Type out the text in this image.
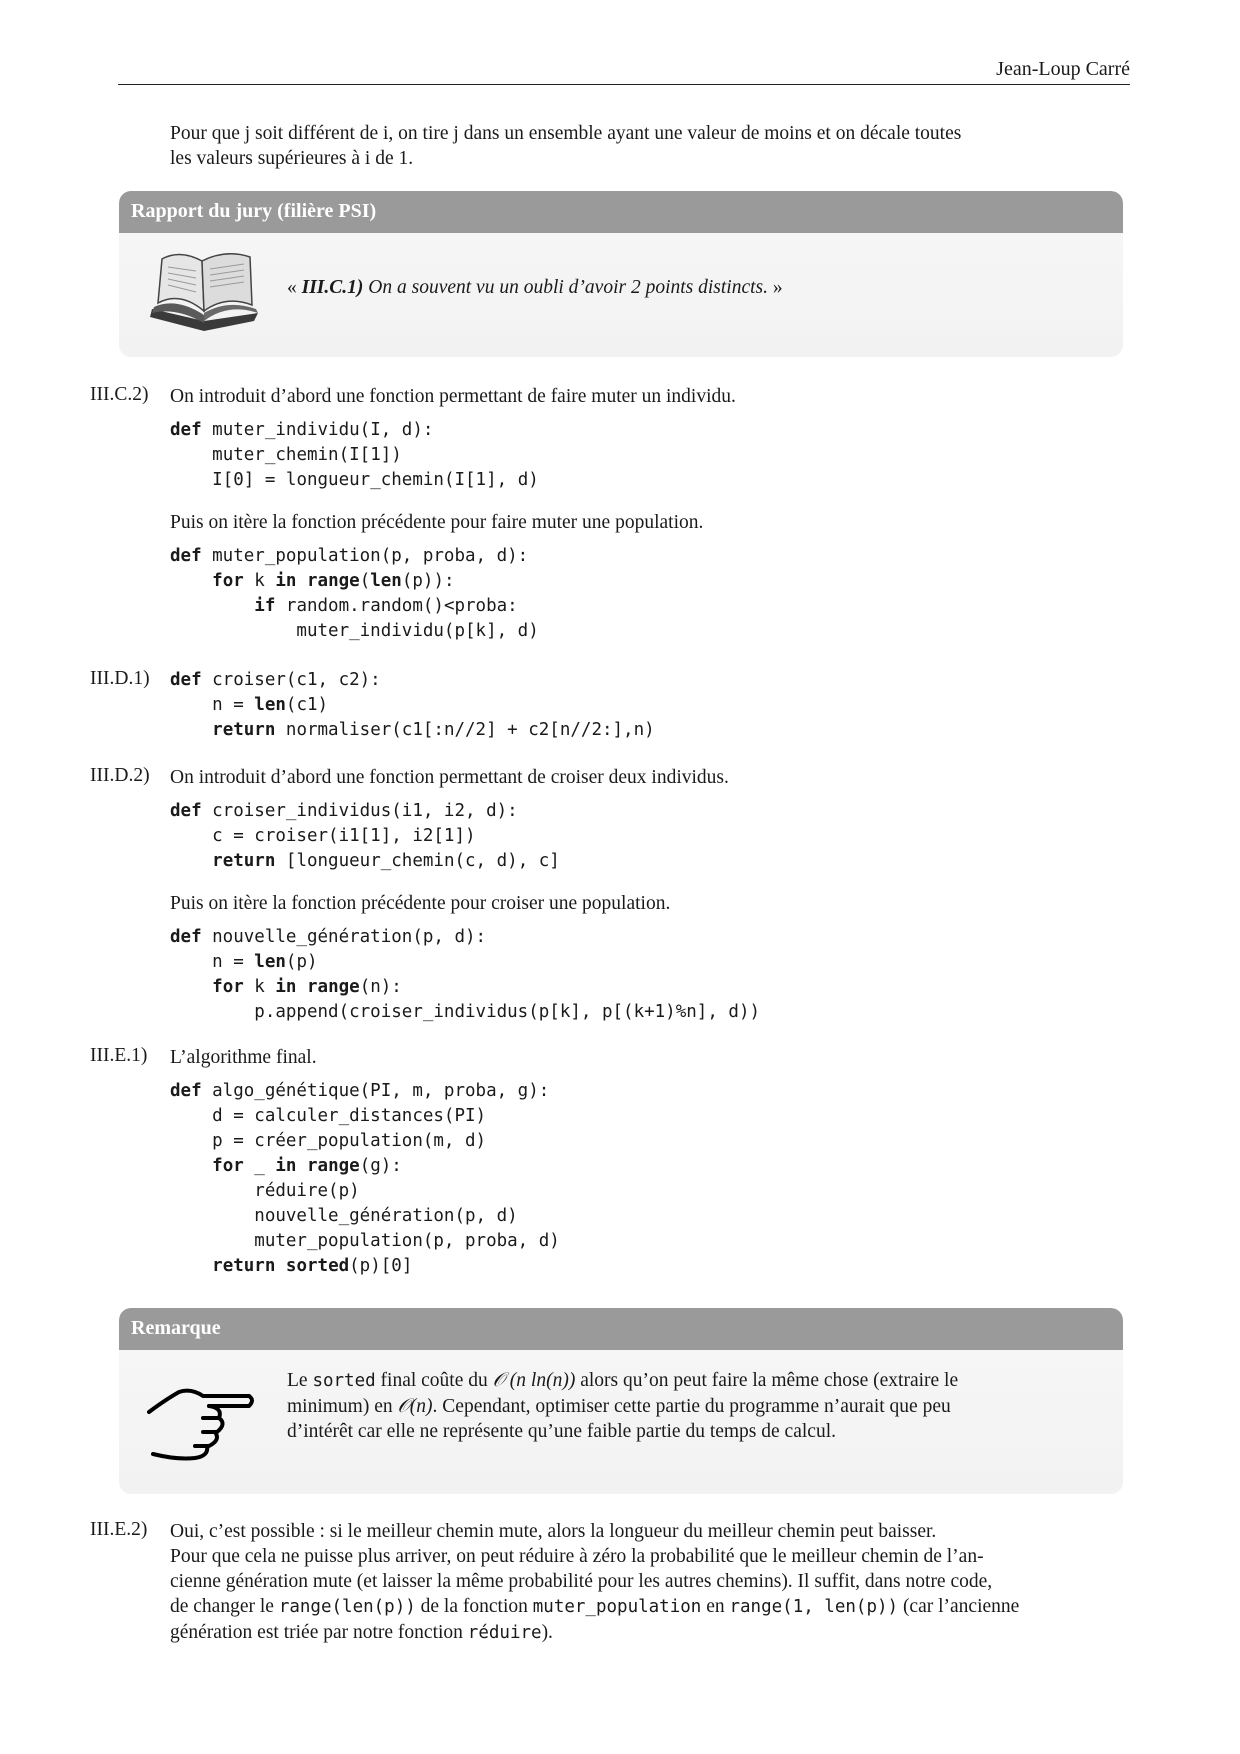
Jean-Loup Carré
Pour que j soit différent de i, on tire j dans un ensemble ayant une valeur de moins et on décale toutes
les valeurs supérieures à i de 1.
Rapport du jury (filière PSI)
« III.C.1) On a souvent vu un oubli d’avoir 2 points distincts. »
III.C.2) On introduit d’abord une fonction permettant de faire muter un individu.
def muter_individu(I, d):
muter_chemin(I[1])
I[0] = longueur_chemin(I[1], d)
Puis on itère la fonction précédente pour faire muter une population.
def muter_population(p, proba, d):
for k in range(len(p)):
if random.random()<proba:
muter_individu(p[k], d)
III.D.1) def croiser(c1, c2):
n = len(c1)
return normaliser(c1[:n//2] + c2[n//2:],n)
III.D.2) On introduit d’abord une fonction permettant de croiser deux individus.
def croiser_individus(i1, i2, d):
c = croiser(i1[1], i2[1])
return [longueur_chemin(c, d), c]
Puis on itère la fonction précédente pour croiser une population.
def nouvelle_génération(p, d):
n = len(p)
for k in range(n):
p.append(croiser_individus(p[k], p[(k+1)%n], d))
III.E.1) L’algorithme final.
def algo_génétique(PI, m, proba, g):
d = calculer_distances(PI)
p = créer_population(m, d)
for _ in range(g):
réduire(p)
nouvelle_génération(p, d)
muter_population(p, proba, d)
return sorted(p)[0]
Remarque
Le sorted final coûte du 𝒪 (n ln(n)) alors qu’on peut faire la même chose (extraire le
minimum) en 𝒪(n). Cependant, optimiser cette partie du programme n’aurait que peu
d’intérêt car elle ne représente qu’une faible partie du temps de calcul.
III.E.2) Oui, c’est possible : si le meilleur chemin mute, alors la longueur du meilleur chemin peut baisser.
Pour que cela ne puisse plus arriver, on peut réduire à zéro la probabilité que le meilleur chemin de l’an-
cienne génération mute (et laisser la même probabilité pour les autres chemins). Il suffit, dans notre code,
de changer le range(len(p)) de la fonction muter_population en range(1, len(p)) (car l’ancienne
génération est triée par notre fonction réduire).
